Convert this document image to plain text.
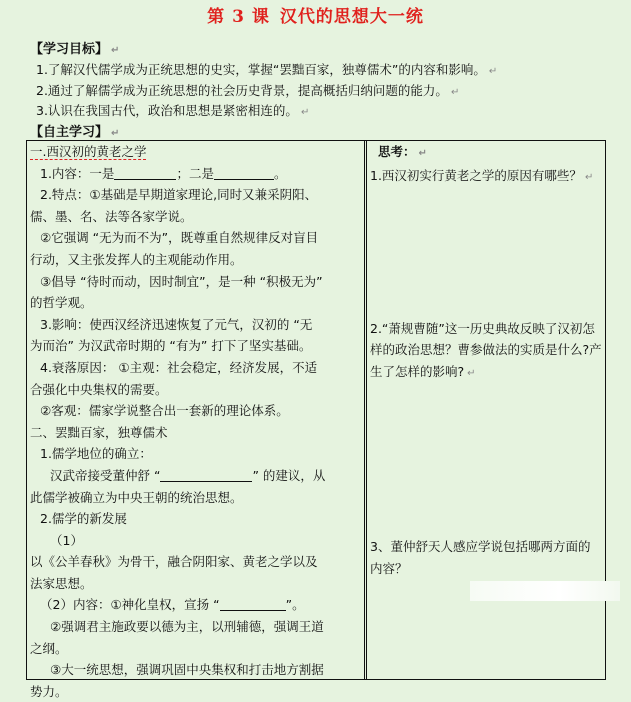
第 3 课 汉代的思想大一统
【学习目标】 ↵
1.了解汉代儒学成为正统思想的史实，掌握“罢黜百家，独尊儒术”的内容和影响。 ↵
2.通过了解儒学成为正统思想的社会历史背景，提高概括归纳问题的能力。 ↵
3.认识在我国古代，政治和思想是紧密相连的。 ↵
【自主学习】 ↵
一.西汉初的黄老之学
1.内容：一是	；二是	。
2.特点：①基础是早期道家理论,同时又兼采阴阳、
儒、墨、名、法等各家学说。
②它强调 “无为而不为”，既尊重自然规律反对盲目
行动，又主张发挥人的主观能动作用。
③倡导 “待时而动，因时制宜”，是一种 “积极无为”
的哲学观。
3.影响：使西汉经济迅速恢复了元气，汉初的 “无
为而治” 为汉武帝时期的 “有为” 打下了坚实基础。
4.衰落原因： ①主观：社会稳定，经济发展，不适
合强化中央集权的需要。
②客观：儒家学说整合出一套新的理论体系。
二、罢黜百家，独尊儒术
1.儒学地位的确立：
汉武帝接受董仲舒 “	” 的建议，从
此儒学被确立为中央王朝的统治思想。
2.儒学的新发展
（1）
以《公羊春秋》为骨干，融合阴阳家、黄老之学以及
法家思想。
（2）内容：①神化皇权，宣扬 “	”。
②强调君主施政要以德为主，以刑辅德，强调王道
之纲。
③大一统思想，强调巩固中央集权和打击地方割据
势力。
思考： ↵
1.西汉初实行黄老之学的原因有哪些？ ↵
2.“萧规曹随”这一历史典故反映了汉初怎样的政治思想？曹参做法的实质是什么?产生了怎样的影响? ↵
3、董仲舒天人感应学说包括哪两方面的内容？
